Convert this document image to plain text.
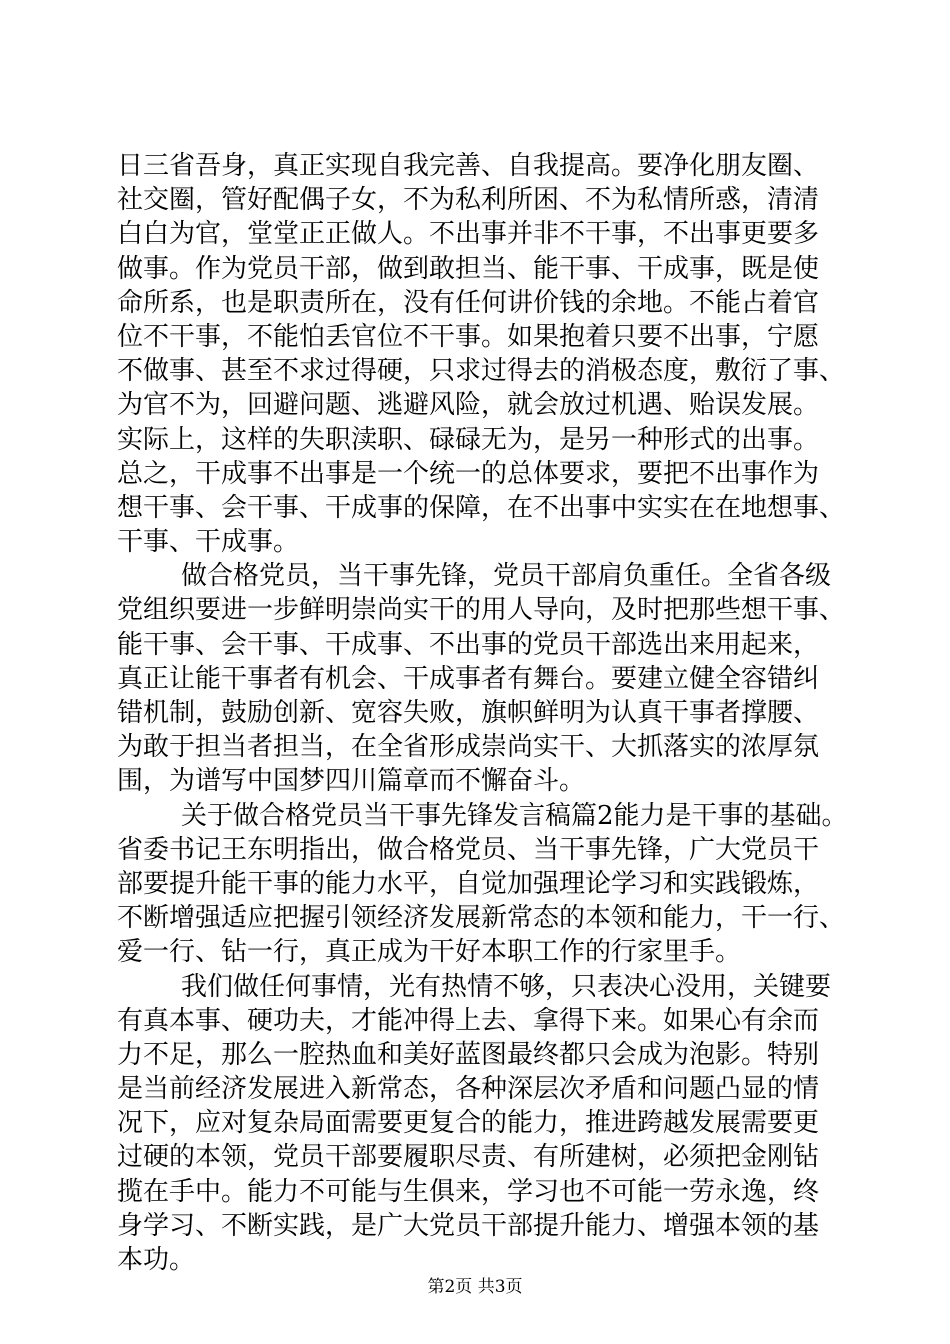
日三省吾身，真正实现自我完善、自我提高。要净化朋友圈、
社交圈，管好配偶子女，不为私利所困、不为私情所惑，清清
白白为官，堂堂正正做人。不出事并非不干事，不出事更要多
做事。作为党员干部，做到敢担当、能干事、干成事，既是使
命所系，也是职责所在，没有任何讲价钱的余地。不能占着官
位不干事，不能怕丢官位不干事。如果抱着只要不出事，宁愿
不做事、甚至不求过得硬，只求过得去的消极态度，敷衍了事、
为官不为，回避问题、逃避风险，就会放过机遇、贻误发展。
实际上，这样的失职渎职、碌碌无为，是另一种形式的出事。
总之，干成事不出事是一个统一的总体要求，要把不出事作为
想干事、会干事、干成事的保障，在不出事中实实在在地想事、
干事、干成事。
做合格党员，当干事先锋，党员干部肩负重任。全省各级
党组织要进一步鲜明崇尚实干的用人导向，及时把那些想干事、
能干事、会干事、干成事、不出事的党员干部选出来用起来，
真正让能干事者有机会、干成事者有舞台。要建立健全容错纠
错机制，鼓励创新、宽容失败，旗帜鲜明为认真干事者撑腰、
为敢于担当者担当，在全省形成崇尚实干、大抓落实的浓厚氛
围，为谱写中国梦四川篇章而不懈奋斗。
关于做合格党员当干事先锋发言稿篇2能力是干事的基础。
省委书记王东明指出，做合格党员、当干事先锋，广大党员干
部要提升能干事的能力水平，自觉加强理论学习和实践锻炼，
不断增强适应把握引领经济发展新常态的本领和能力，干一行、
爱一行、钻一行，真正成为干好本职工作的行家里手。
我们做任何事情，光有热情不够，只表决心没用，关键要
有真本事、硬功夫，才能冲得上去、拿得下来。如果心有余而
力不足，那么一腔热血和美好蓝图最终都只会成为泡影。特别
是当前经济发展进入新常态，各种深层次矛盾和问题凸显的情
况下，应对复杂局面需要更复合的能力，推进跨越发展需要更
过硬的本领，党员干部要履职尽责、有所建树，必须把金刚钻
揽在手中。能力不可能与生俱来，学习也不可能一劳永逸，终
身学习、不断实践，是广大党员干部提升能力、增强本领的基
本功。
第2页 共3页
